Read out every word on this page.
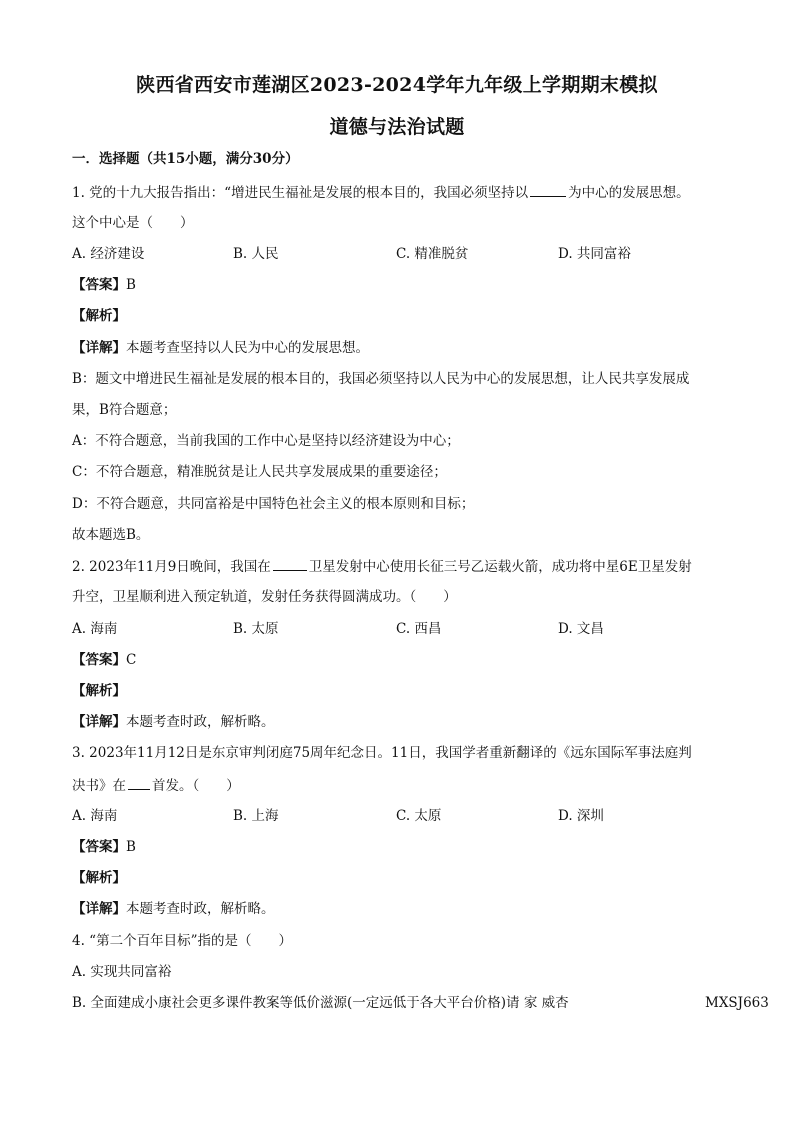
陕西省西安市莲湖区2023-2024学年九年级上学期期末模拟
道德与法治试题
一．选择题（共15小题，满分30分）
1. 党的十九大报告指出：“增进民生福祉是发展的根本目的，我国必须坚持以	为中心的发展思想。
这个中心是（　　）
A. 经济建设	B. 人民	C. 精准脱贫	D. 共同富裕
【答案】B
【解析】
【详解】本题考查坚持以人民为中心的发展思想。
B：题文中增进民生福祉是发展的根本目的，我国必须坚持以人民为中心的发展思想，让人民共享发展成
果，B符合题意；
A：不符合题意，当前我国的工作中心是坚持以经济建设为中心；
C：不符合题意，精准脱贫是让人民共享发展成果的重要途径；
D：不符合题意，共同富裕是中国特色社会主义的根本原则和目标；
故本题选B。
2. 2023年11月9日晚间，我国在	卫星发射中心使用长征三号乙运载火箭，成功将中星6E卫星发射
升空，卫星顺利进入预定轨道，发射任务获得圆满成功。（　　）
A. 海南	B. 太原	C. 西昌	D. 文昌
【答案】C
【解析】
【详解】本题考查时政，解析略。
3. 2023年11月12日是东京审判闭庭75周年纪念日。11日，我国学者重新翻译的《远东国际军事法庭判
决书》在 首发。（　　）
A. 海南	B. 上海	C. 太原	D. 深圳
【答案】B
【解析】
【详解】本题考查时政，解析略。
4. “第二个百年目标”指的是（　　）
A. 实现共同富裕
B. 全面建成小康社会更多课件教案等低价滋源(一定远低于各大平台价格)请 家 威杏	MXSJ663
